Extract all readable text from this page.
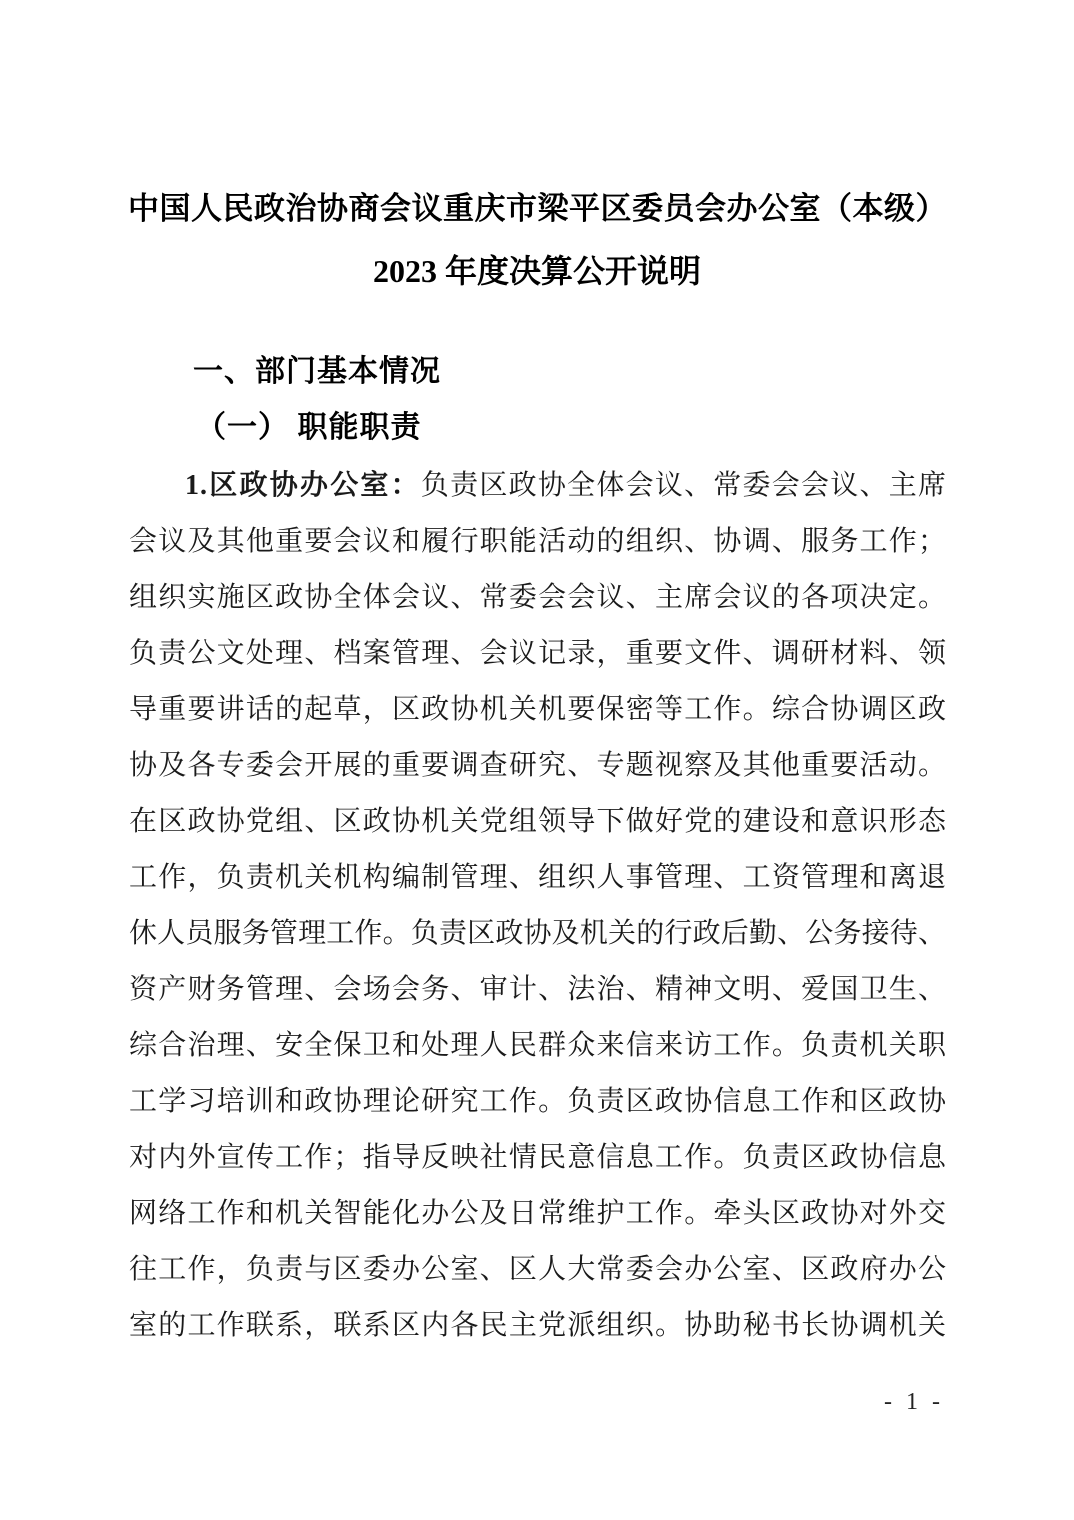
中国人民政治协商会议重庆市梁平区委员会办公室（本级）
2023 年度决算公开说明
一、部门基本情况
（一） 职能职责

1.区政协办公室：负责区政协全体会议、常委会会议、主席

会议及其他重要会议和履行职能活动的组织、协调、服务工作；

组织实施区政协全体会议、常委会会议、主席会议的各项决定。

负责公文处理、档案管理、会议记录，重要文件、调研材料、领

导重要讲话的起草，区政协机关机要保密等工作。综合协调区政

协及各专委会开展的重要调查研究、专题视察及其他重要活动。

在区政协党组、区政协机关党组领导下做好党的建设和意识形态

工作，负责机关机构编制管理、组织人事管理、工资管理和离退

休人员服务管理工作。负责区政协及机关的行政后勤、公务接待、

资产财务管理、会场会务、审计、法治、精神文明、爱国卫生、

综合治理、安全保卫和处理人民群众来信来访工作。负责机关职

工学习培训和政协理论研究工作。负责区政协信息工作和区政协

对内外宣传工作；指导反映社情民意信息工作。负责区政协信息

网络工作和机关智能化办公及日常维护工作。牵头区政协对外交

往工作，负责与区委办公室、区人大常委会办公室、区政府办公

室的工作联系，联系区内各民主党派组织。协助秘书长协调机关

- 1 -
